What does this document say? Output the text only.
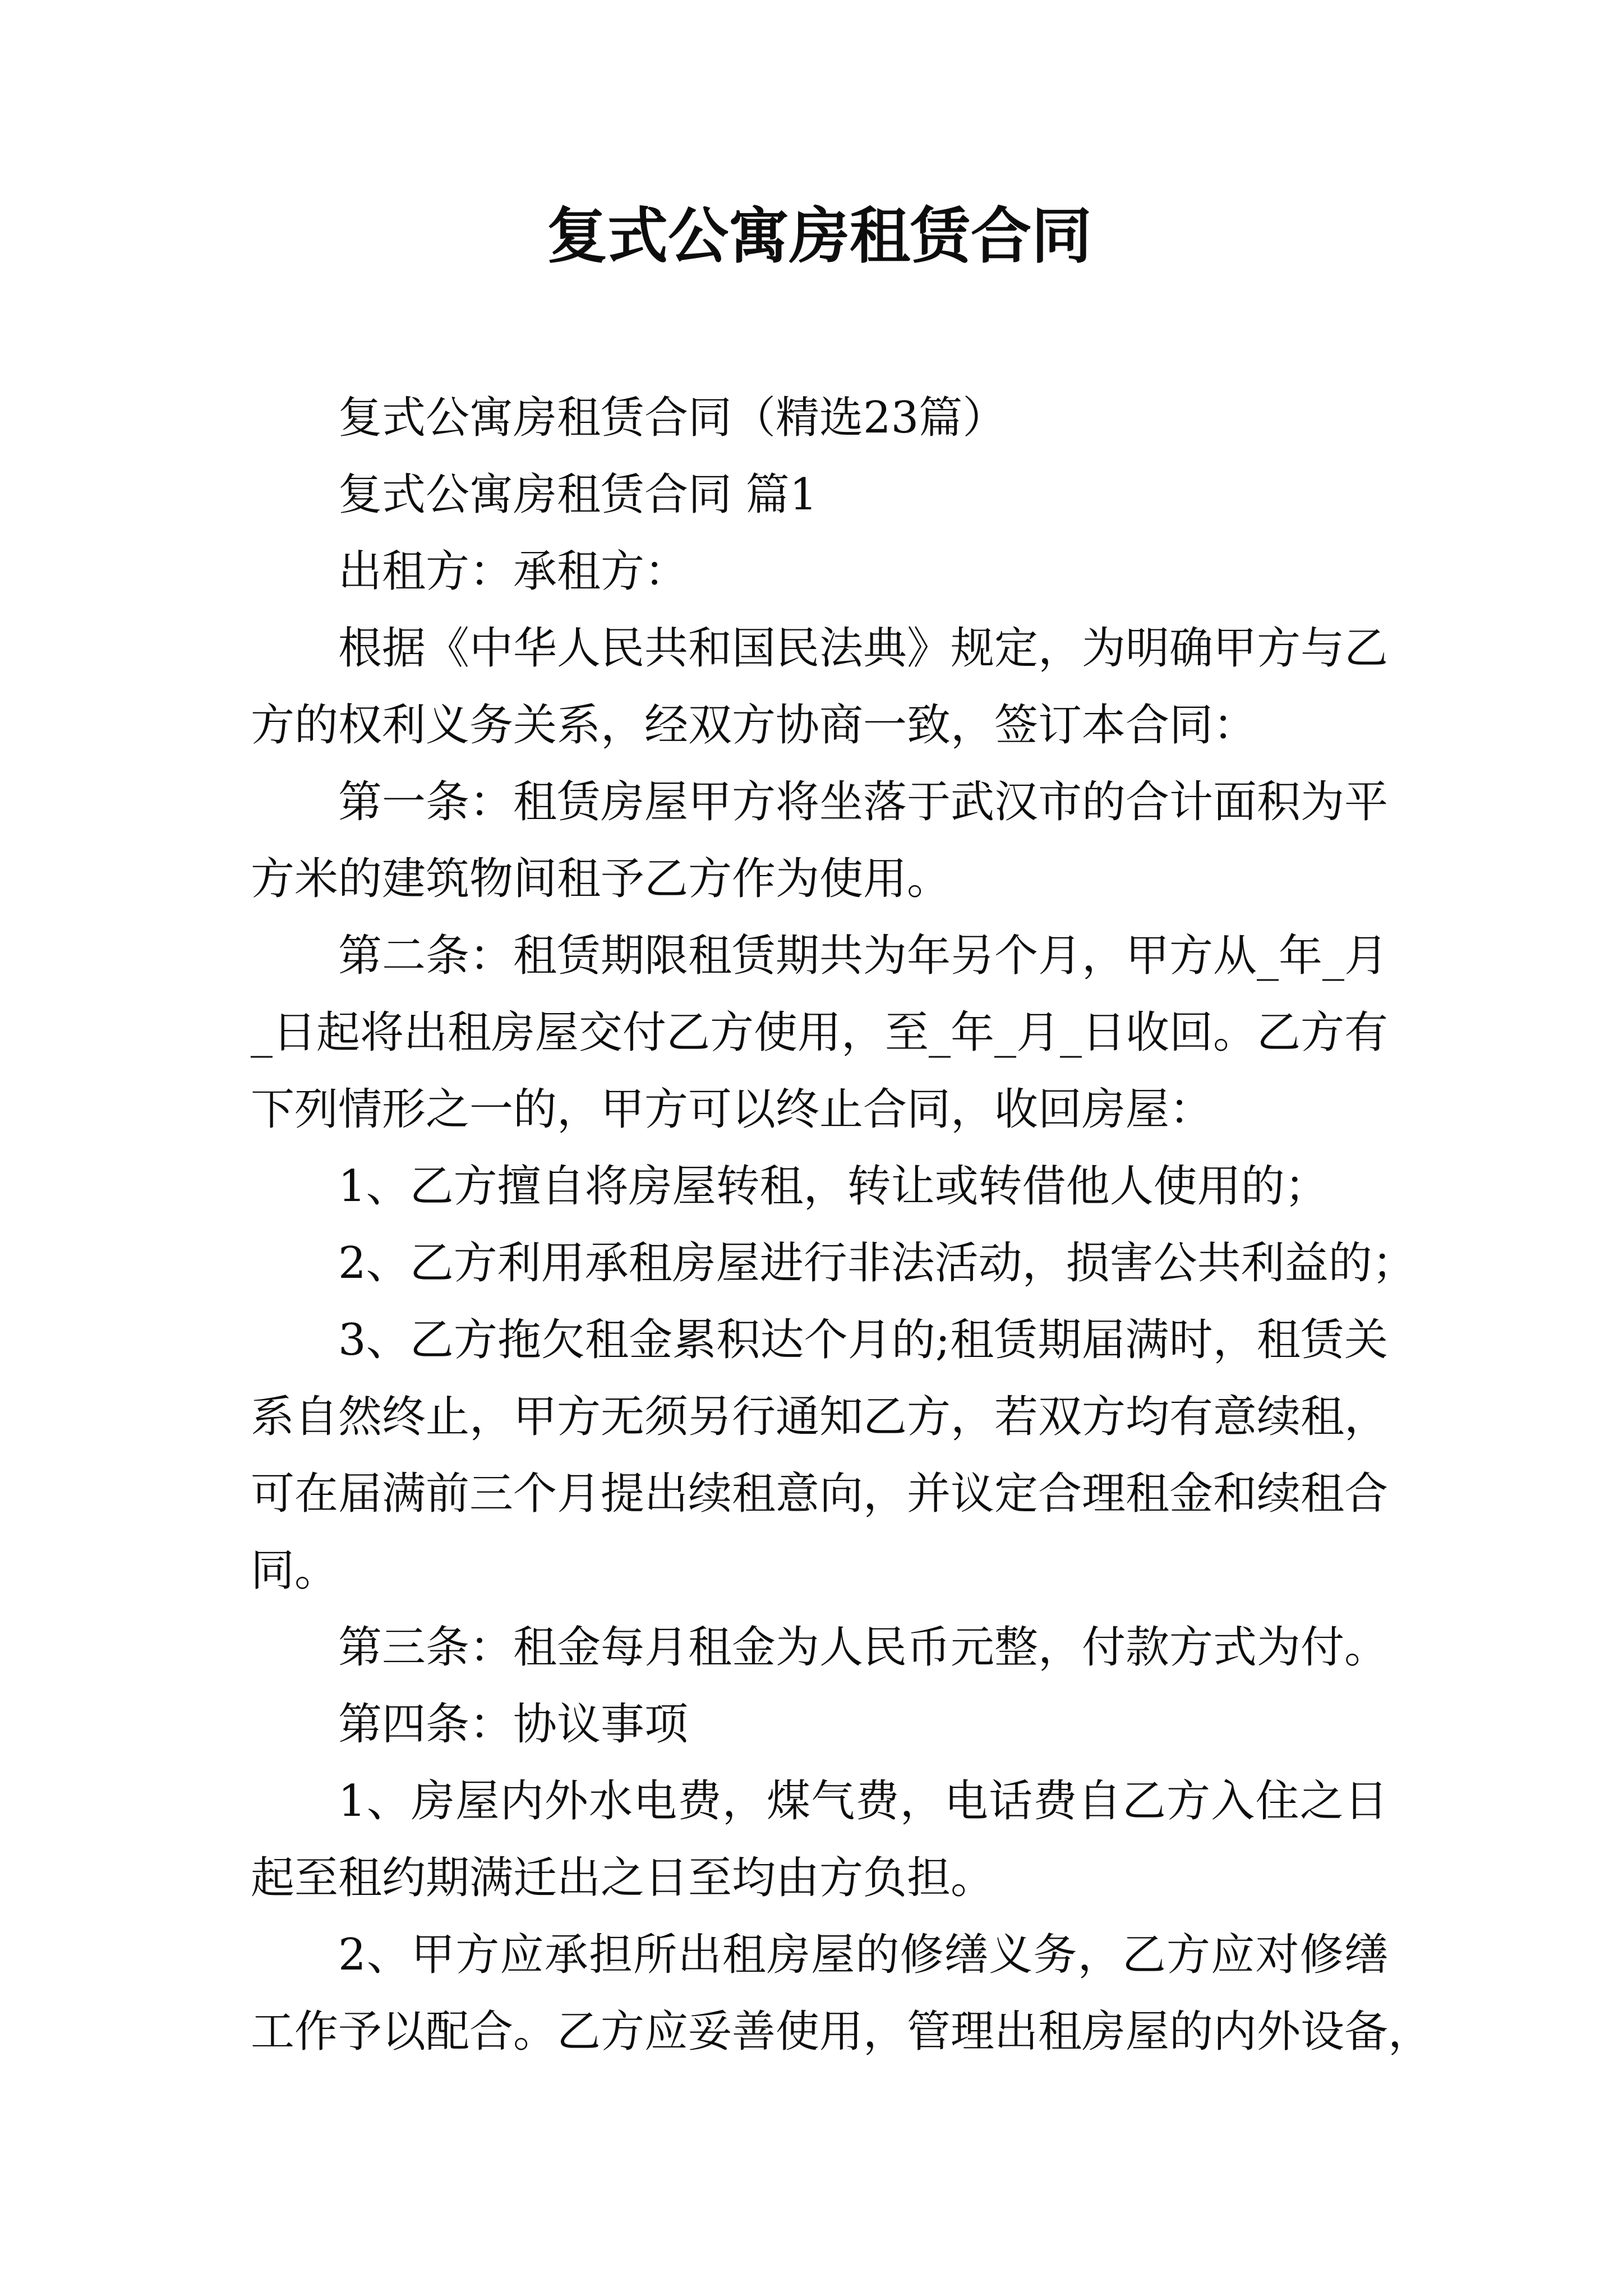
复式公寓房租赁合同
复式公寓房租赁合同（精选23篇）
复式公寓房租赁合同 篇1
出租方：承租方：
根据《中华人民共和国民法典》规定，为明确甲方与乙
方的权利义务关系，经双方协商一致，签订本合同：
第一条：租赁房屋甲方将坐落于武汉市的合计面积为平
方米的建筑物间租予乙方作为使用。
第二条：租赁期限租赁期共为年另个月，甲方从_年_月
_日起将出租房屋交付乙方使用，至_年_月_日收回。乙方有
下列情形之一的，甲方可以终止合同，收回房屋：
1、乙方擅自将房屋转租，转让或转借他人使用的；
2、乙方利用承租房屋进行非法活动，损害公共利益的；
3、乙方拖欠租金累积达个月的;租赁期届满时，租赁关
系自然终止，甲方无须另行通知乙方，若双方均有意续租，
可在届满前三个月提出续租意向，并议定合理租金和续租合
同。
第三条：租金每月租金为人民币元整，付款方式为付。
第四条：协议事项
1、房屋内外水电费，煤气费，电话费自乙方入住之日
起至租约期满迁出之日至均由方负担。
2、甲方应承担所出租房屋的修缮义务，乙方应对修缮
工作予以配合。乙方应妥善使用，管理出租房屋的内外设备，
